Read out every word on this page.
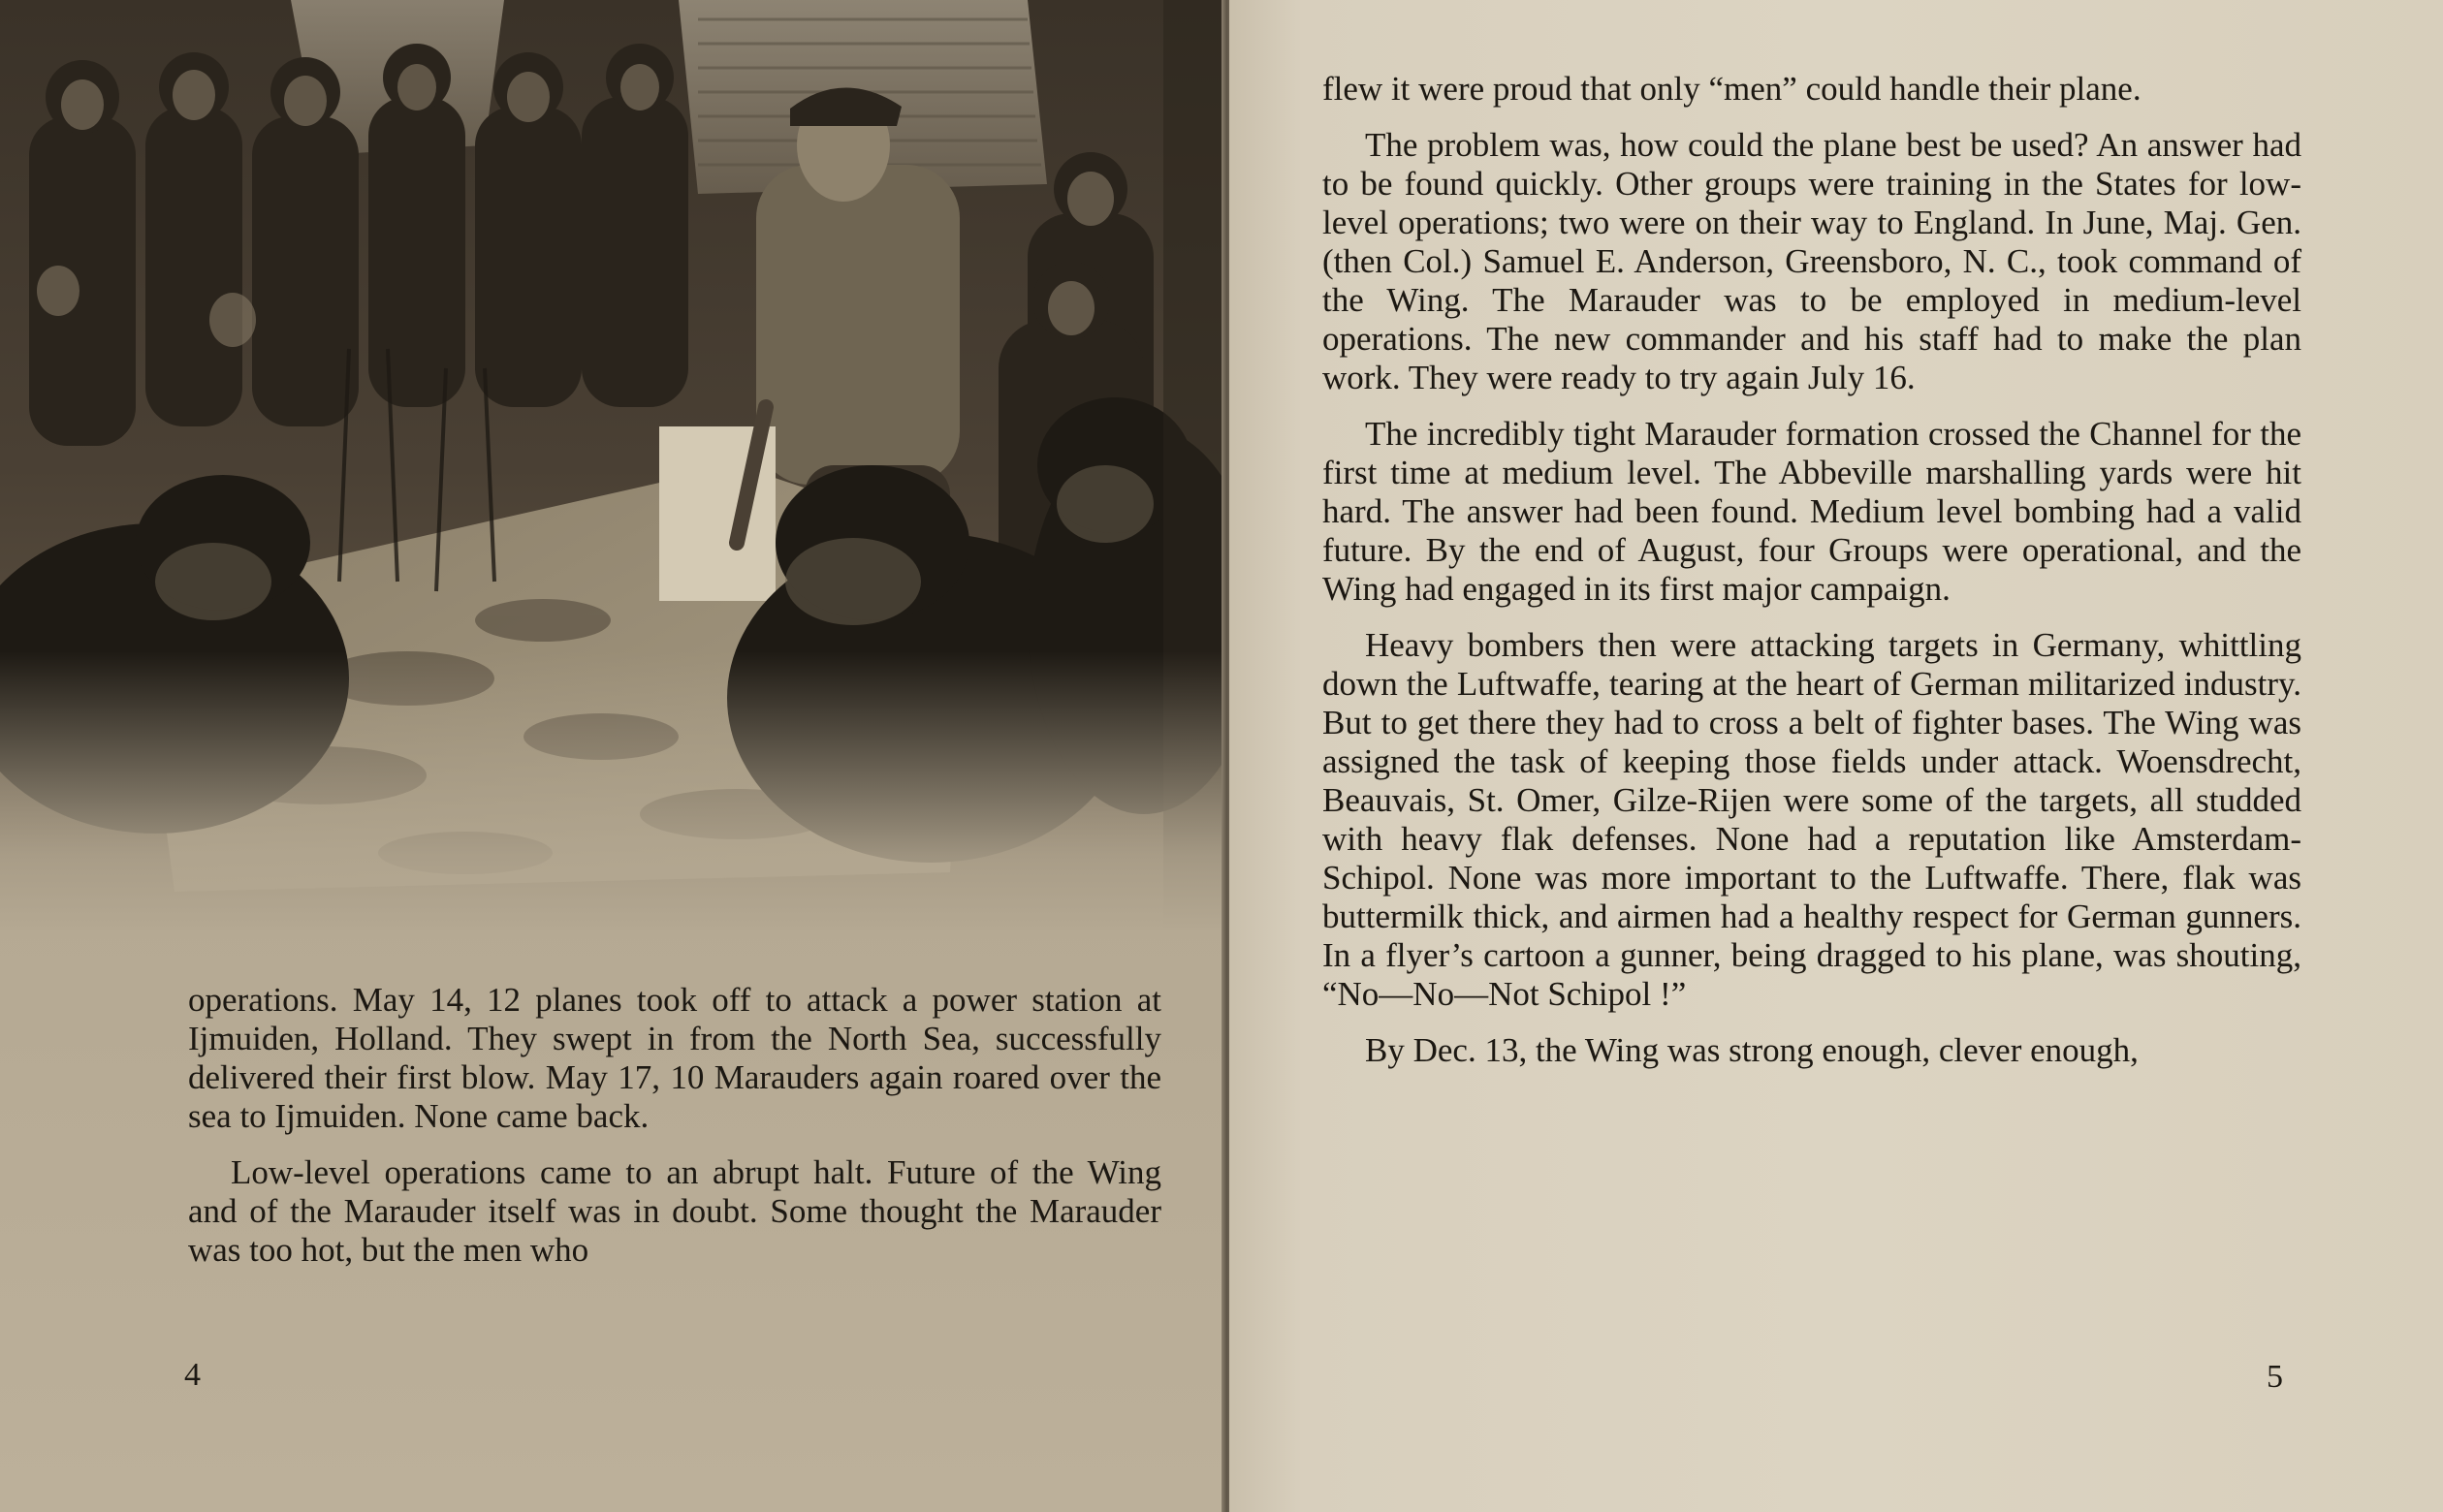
operations. May 14, 12 planes took off to attack a power station at Ijmuiden, Holland. They swept in from the North Sea, successfully delivered their first blow. May 17, 10 Marauders again roared over the sea to Ijmuiden. None came back.

Low-level operations came to an abrupt halt. Future of the Wing and of the Marauder itself was in doubt. Some thought the Marauder was too hot, but the men who

4

flew it were proud that only “men” could handle their plane.

The problem was, how could the plane best be used? An answer had to be found quickly. Other groups were training in the States for low-level operations; two were on their way to England. In June, Maj. Gen. (then Col.) Samuel E. Anderson, Greensboro, N. C., took command of the Wing. The Marauder was to be employed in medium-level operations. The new commander and his staff had to make the plan work. They were ready to try again July 16.

The incredibly tight Marauder formation crossed the Channel for the first time at medium level. The Abbeville marshalling yards were hit hard. The answer had been found. Medium level bombing had a valid future. By the end of August, four Groups were operational, and the Wing had engaged in its first major campaign.

Heavy bombers then were attacking targets in Germany, whittling down the Luftwaffe, tearing at the heart of German militarized industry. But to get there they had to cross a belt of fighter bases. The Wing was assigned the task of keeping those fields under attack. Woensdrecht, Beauvais, St. Omer, Gilze-Rijen were some of the targets, all studded with heavy flak defenses. None had a reputation like Amsterdam-Schipol. None was more important to the Luftwaffe. There, flak was buttermilk thick, and airmen had a healthy respect for German gunners. In a flyer’s cartoon a gunner, being dragged to his plane, was shouting, “No—No—Not Schipol !”

By Dec. 13, the Wing was strong enough, clever enough,

5
